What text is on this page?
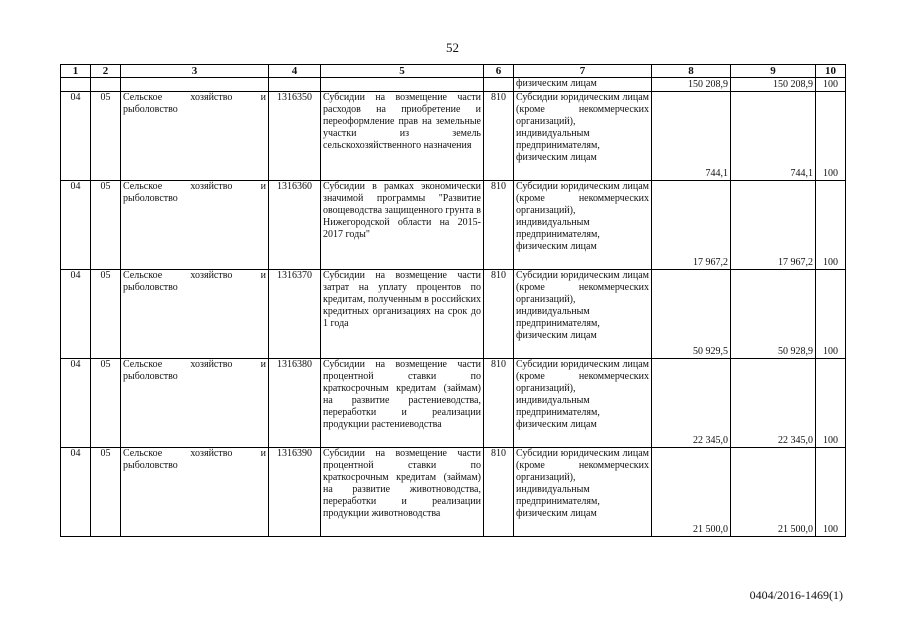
52
1	2	3	4	5	6	7	8	9	10
						физическим лицам	150 208,9	150 208,9	100
04	05	Сельское хозяйство и рыболовство	1316350	Субсидии на возмещение части расходов на приобретение и переоформление прав на земельные участки из земель сельскохозяйственного назначения	810	Субсидии юридическим лицам (кроме некоммерческих организаций), индивидуальным предпринимателям, физическим лицам	744,1	744,1	100
04	05	Сельское хозяйство и рыболовство	1316360	Субсидии в рамках экономически значимой программы "Развитие овощеводства защищенного грунта в Нижегородской области на 2015-2017 годы"	810	Субсидии юридическим лицам (кроме некоммерческих организаций), индивидуальным предпринимателям, физическим лицам	17 967,2	17 967,2	100
04	05	Сельское хозяйство и рыболовство	1316370	Субсидии на возмещение части затрат на уплату процентов по кредитам, полученным в российских кредитных организациях на срок до 1 года	810	Субсидии юридическим лицам (кроме некоммерческих организаций), индивидуальным предпринимателям, физическим лицам	50 929,5	50 928,9	100
04	05	Сельское хозяйство и рыболовство	1316380	Субсидии на возмещение части процентной ставки по краткосрочным кредитам (займам) на развитие растениеводства, переработки и реализации продукции растениеводства	810	Субсидии юридическим лицам (кроме некоммерческих организаций), индивидуальным предпринимателям, физическим лицам	22 345,0	22 345,0	100
04	05	Сельское хозяйство и рыболовство	1316390	Субсидии на возмещение части процентной ставки по краткосрочным кредитам (займам) на развитие животноводства, переработки и реализации продукции животноводства	810	Субсидии юридическим лицам (кроме некоммерческих организаций), индивидуальным предпринимателям, физическим лицам	21 500,0	21 500,0	100
0404/2016-1469(1)
